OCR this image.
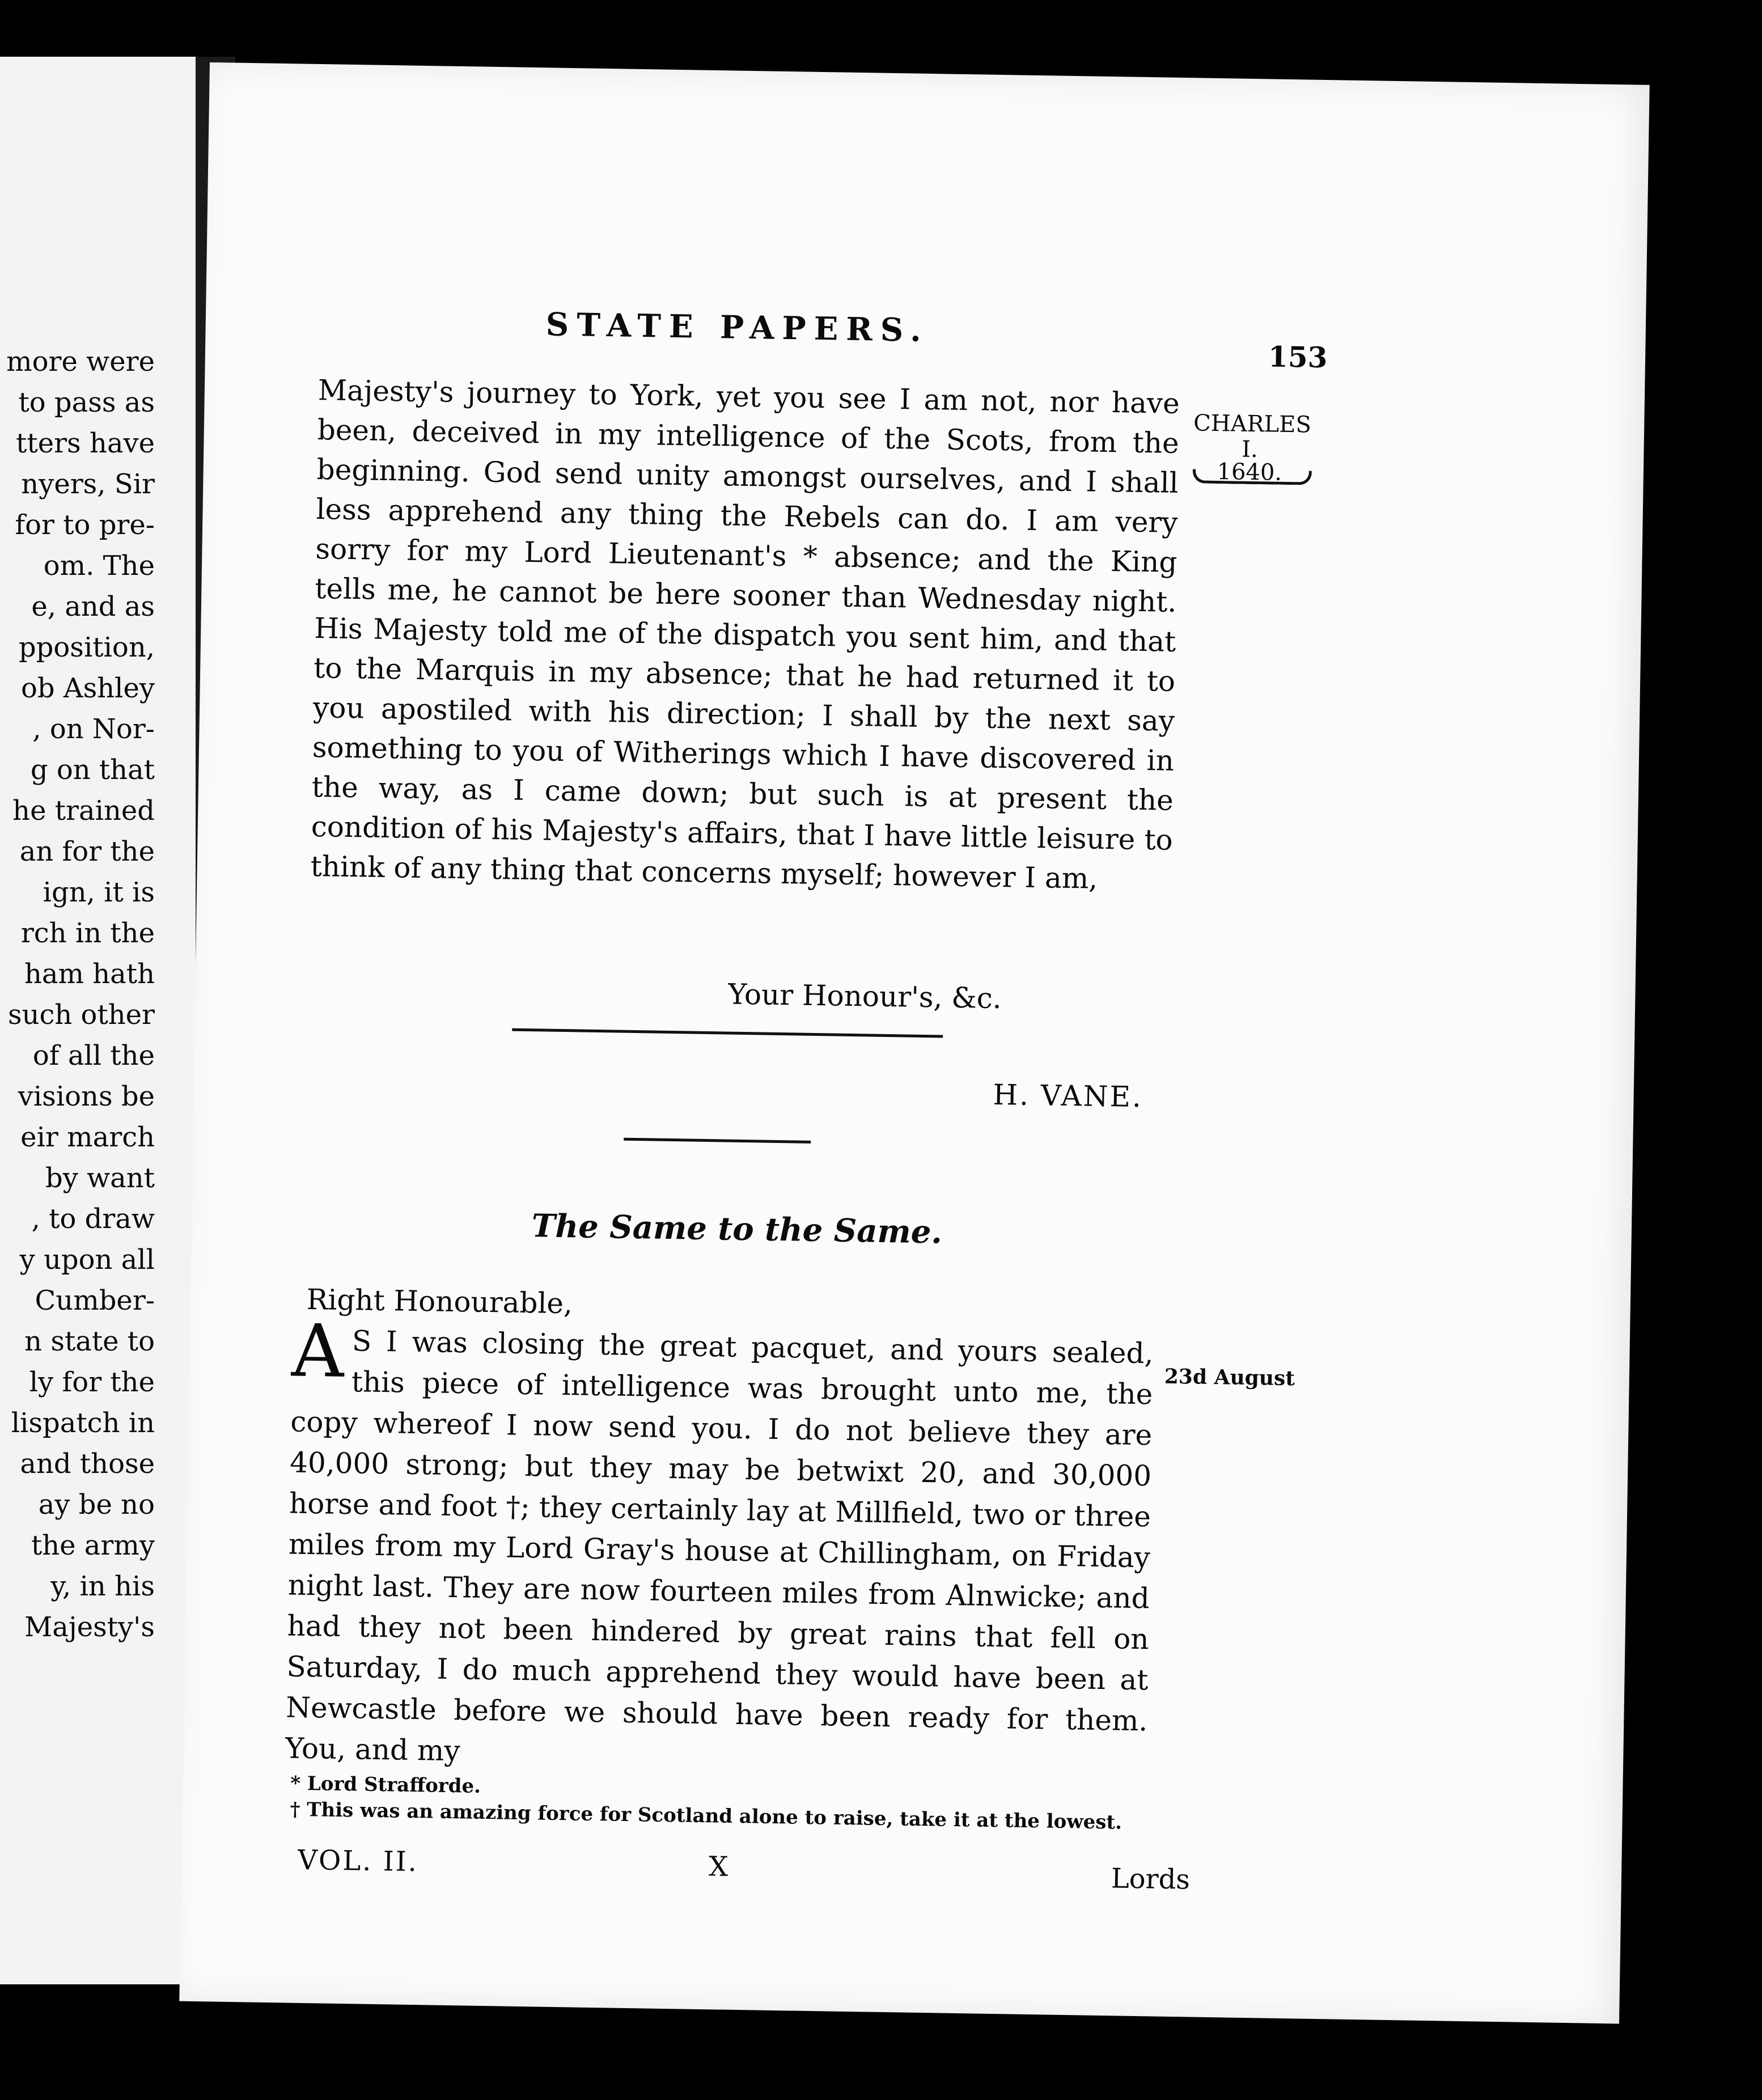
more were
to pass as
tters have
nyers, Sir
for to pre-
om. The
e, and as
pposition,
ob Ashley
, on Nor-
g on that
he trained
an for the
ign, it is
rch in the
ham hath
such other
of all the
visions be
eir march
by want
, to draw
y upon all
Cumber-
n state to
ly for the
lispatch in
and those
ay be no
the army
y, in his
Majesty's
STATE PAPERS.
153
CHARLES
I.
1640.

Majesty's journey to York, yet you see I am not, nor have been, deceived in my intelligence of the Scots, from the beginning. God send unity amongst ourselves, and I shall less apprehend any thing the Rebels can do. I am very sorry for my Lord Lieutenant's * absence; and the King tells me, he cannot be here sooner than Wednesday night. His Majesty told me of the dispatch you sent him, and that to the Marquis in my absence; that he had returned it to you apostiled with his direction; I shall by the next say something to you of Witherings which I have discovered in the way, as I came down; but such is at present the condition of his Majesty's affairs, that I have little leisure to think of any thing that concerns myself; however I am,

Your Honour's, &c.
H. VANE.
The Same to the Same.
Right Honourable,
A S I was closing the great pacquet, and yours sealed, this piece of intelligence was brought unto me, the copy whereof I now send you. I do not believe they are 40,000 strong; but they may be betwixt 20, and 30,000 horse and foot †; they certainly lay at Millfield, two or three miles from my Lord Gray's house at Chillingham, on Friday night last. They are now fourteen miles from Alnwicke; and had they not been hindered by great rains that fell on Saturday, I do much apprehend they would have been at Newcastle before we should have been ready for them. You, and my
23d August
* Lord Strafforde.
† This was an amazing force for Scotland alone to raise, take it at the lowest.
VOL. II.	X	Lords
